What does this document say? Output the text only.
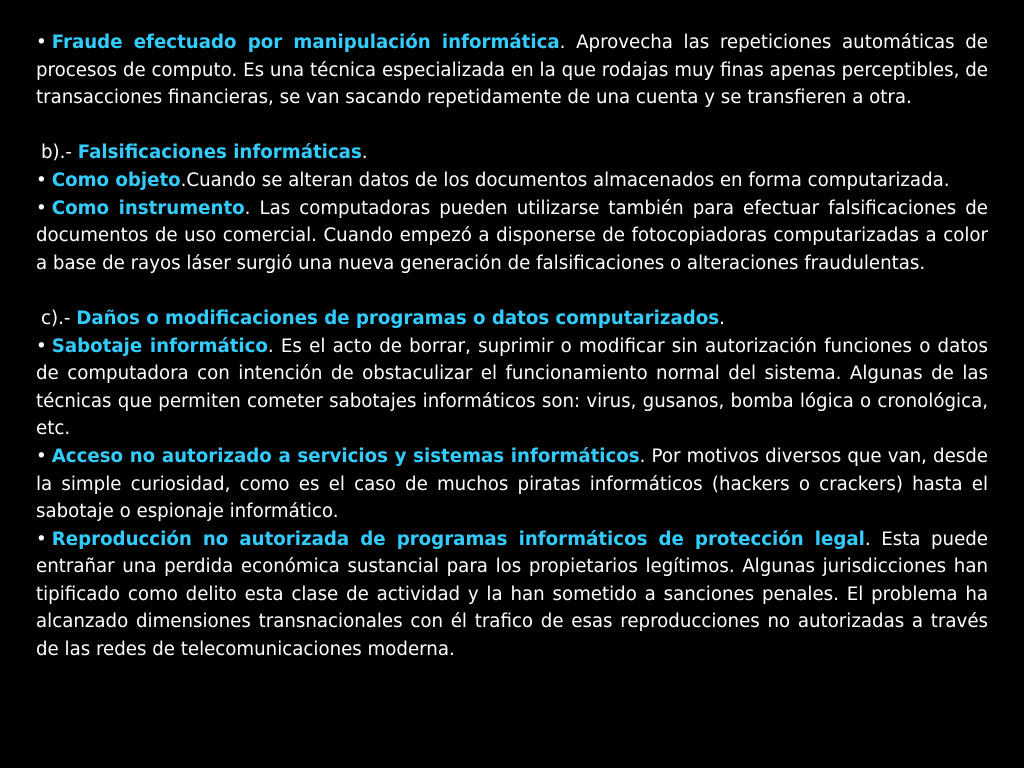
• Fraude efectuado por manipulación informática. Aprovecha las repeticiones automáticas de procesos de computo. Es una técnica especializada en la que rodajas muy finas apenas perceptibles, de transacciones financieras, se van sacando repetidamente de una cuenta y se transfieren a otra.

b).- Falsificaciones informáticas.

• Como objeto.Cuando se alteran datos de los documentos almacenados en forma computarizada.

• Como instrumento. Las computadoras pueden utilizarse también para efectuar falsificaciones de documentos de uso comercial. Cuando empezó a disponerse de fotocopiadoras computarizadas a color a base de rayos láser surgió una nueva generación de falsificaciones o alteraciones fraudulentas.

c).- Daños o modificaciones de programas o datos computarizados.

• Sabotaje informático. Es el acto de borrar, suprimir o modificar sin autorización funciones o datos de computadora con intención de obstaculizar el funcionamiento normal del sistema. Algunas de las técnicas que permiten cometer sabotajes informáticos son: virus, gusanos, bomba lógica o cronológica, etc.

• Acceso no autorizado a servicios y sistemas informáticos. Por motivos diversos que van, desde la simple curiosidad, como es el caso de muchos piratas informáticos (hackers o crackers) hasta el sabotaje o espionaje informático.

• Reproducción no autorizada de programas informáticos de protección legal. Esta puede entrañar una perdida económica sustancial para los propietarios legítimos. Algunas jurisdicciones han tipificado como delito esta clase de actividad y la han sometido a sanciones penales. El problema ha alcanzado dimensiones transnacionales con él trafico de esas reproducciones no autorizadas a través de las redes de telecomunicaciones moderna.
